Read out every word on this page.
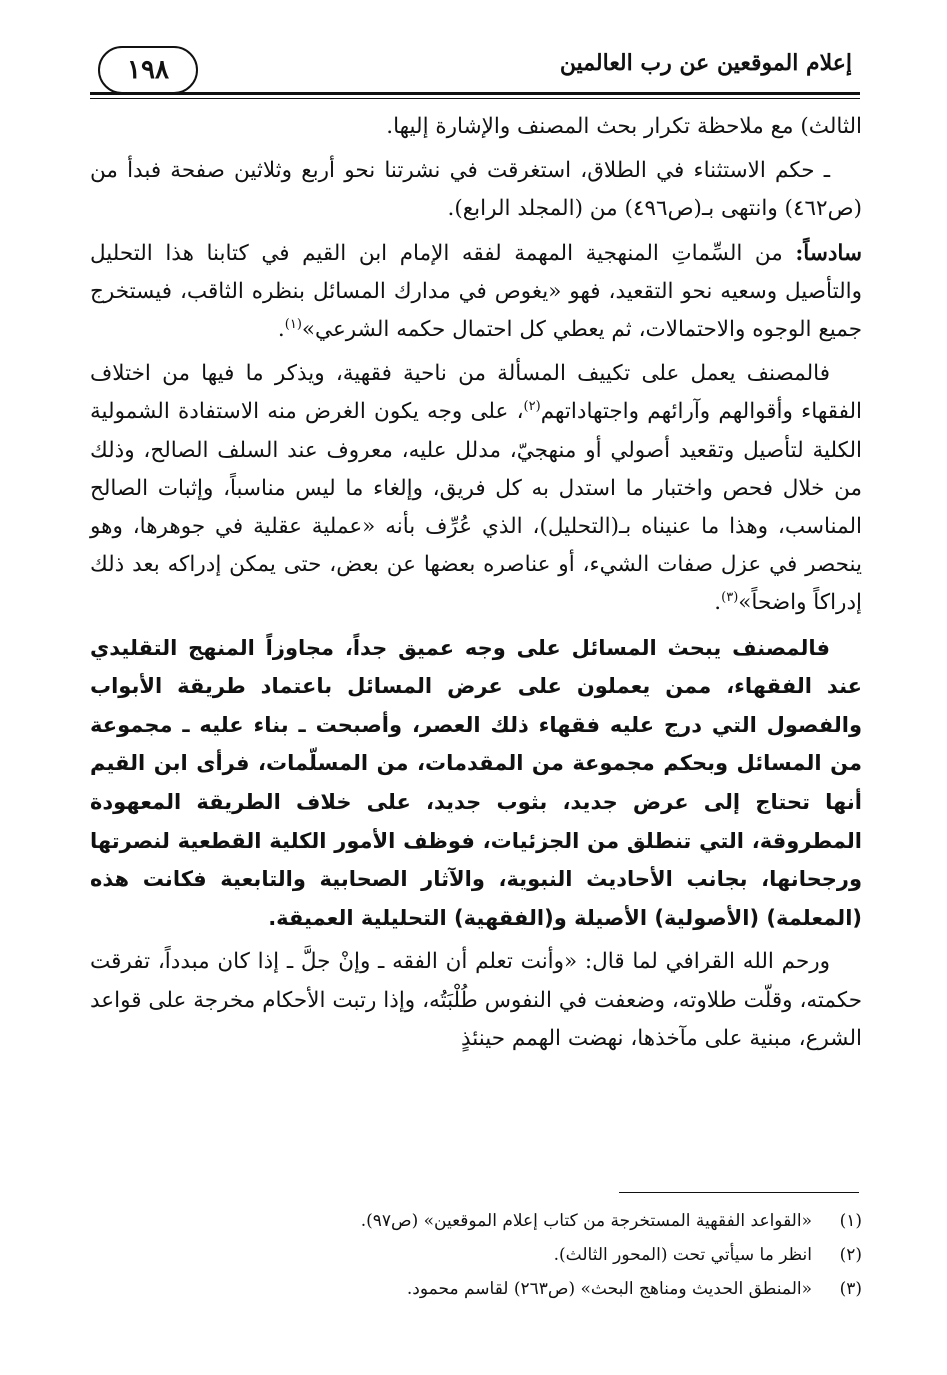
إعلام الموقعين عن رب العالمين
١٩٨

الثالث) مع ملاحظة تكرار بحث المصنف والإشارة إليها.

ـ حكم الاستثناء في الطلاق، استغرقت في نشرتنا نحو أربع وثلاثين صفحة فبدأ من (ص٤٦٢) وانتهى بـ(ص٤٩٦) من (المجلد الرابع).

سادساً: من السِّماتِ المنهجية المهمة لفقه الإمام ابن القيم في كتابنا هذا التحليل والتأصيل وسعيه نحو التقعيد، فهو «يغوص في مدارك المسائل بنظره الثاقب، فيستخرج جميع الوجوه والاحتمالات، ثم يعطي كل احتمال حكمه الشرعي»$^{(١)}$.

فالمصنف يعمل على تكييف المسألة من ناحية فقهية، ويذكر ما فيها من اختلاف الفقهاء وأقوالهم وآرائهم واجتهاداتهم$^{(٢)}$، على وجه يكون الغرض منه الاستفادة الشمولية الكلية لتأصيل وتقعيد أصولي أو منهجيّ، مدلل عليه، معروف عند السلف الصالح، وذلك من خلال فحص واختبار ما استدل به كل فريق، وإلغاء ما ليس مناسباً، وإثبات الصالح المناسب، وهذا ما عنيناه بـ(التحليل)، الذي عُرِّف بأنه «عملية عقلية في جوهرها، وهو ينحصر في عزل صفات الشيء، أو عناصره بعضها عن بعض، حتى يمكن إدراكه بعد ذلك إدراكاً واضحاً»$^{(٣)}$.

فالمصنف يبحث المسائل على وجه عميق جداً، مجاوزاً المنهج التقليدي عند الفقهاء، ممن يعملون على عرض المسائل باعتماد طريقة الأبواب والفصول التي درج عليه فقهاء ذلك العصر، وأصبحت ـ بناء عليه ـ مجموعة من المسائل وبحكم مجموعة من المقدمات، من المسلّمات، فرأى ابن القيم أنها تحتاج إلى عرض جديد، بثوب جديد، على خلاف الطريقة المعهودة المطروقة، التي تنطلق من الجزئيات، فوظف الأمور الكلية القطعية لنصرتها ورجحانها، بجانب الأحاديث النبوية، والآثار الصحابية والتابعية فكانت هذه (المعلمة) (الأصولية) الأصيلة و(الفقهية) التحليلية العميقة.

ورحم الله القرافي لما قال: «وأنت تعلم أن الفقه ـ وإنْ جلَّ ـ إذا كان مبدداً، تفرقت حكمته، وقلّت طلاوته، وضعفت في النفوس طُلْبَتُه، وإذا رتبت الأحكام مخرجة على قواعد الشرع، مبنية على مآخذها، نهضت الهمم حينئذٍ

(١)
«القواعد الفقهية المستخرجة من كتاب إعلام الموقعين» (ص٩٧).
(٢)
انظر ما سيأتي تحت (المحور الثالث).
(٣)
«المنطق الحديث ومناهج البحث» (ص٢٦٣) لقاسم محمود.
